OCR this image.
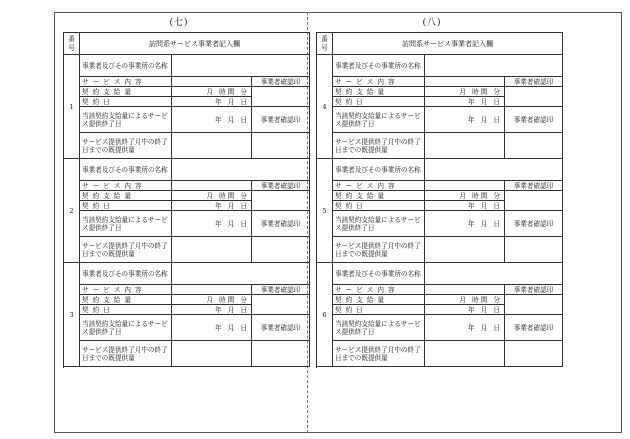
(七)	(八)
番号	訪問系サービス事業者記入欄		
1	事業者及びその事業所の名称		
	サービス内容		事業者確認印
	契約支給量	月 時間 分	
	契約日	年 月 日	
	当該契約支給量によるサービス提供終了日	年 月 日	事業者確認印
	サービス提供終了月中の終了日までの既提供量		

2	事業者及びその事業所の名称		
	サービス内容		事業者確認印
	契約支給量	月 時間 分	
	契約日	年 月 日	
	当該契約支給量によるサービス提供終了日	年 月 日	事業者確認印
	サービス提供終了月中の終了日までの既提供量		

3	事業者及びその事業所の名称		
	サービス内容		事業者確認印
	契約支給量	月 時間 分	
	契約日	年 月 日	
	当該契約支給量によるサービス提供終了日	年 月 日	事業者確認印
	サービス提供終了月中の終了日までの既提供量		

番号	訪問系サービス事業者記入欄		
4	事業者及びその事業所の名称		
	サービス内容		事業者確認印
	契約支給量	月 時間 分	
	契約日	年 月 日	
	当該契約支給量によるサービス提供終了日	年 月 日	事業者確認印
	サービス提供終了月中の終了日までの既提供量		

5	事業者及びその事業所の名称		
	サービス内容		事業者確認印
	契約支給量	月 時間 分	
	契約日	年 月 日	
	当該契約支給量によるサービス提供終了日	年 月 日	事業者確認印
	サービス提供終了月中の終了日までの既提供量		

6	事業者及びその事業所の名称		
	サービス内容		事業者確認印
	契約支給量	月 時間 分	
	契約日	年 月 日	
	当該契約支給量によるサービス提供終了日	年 月 日	事業者確認印
	サービス提供終了月中の終了日までの既提供量		
